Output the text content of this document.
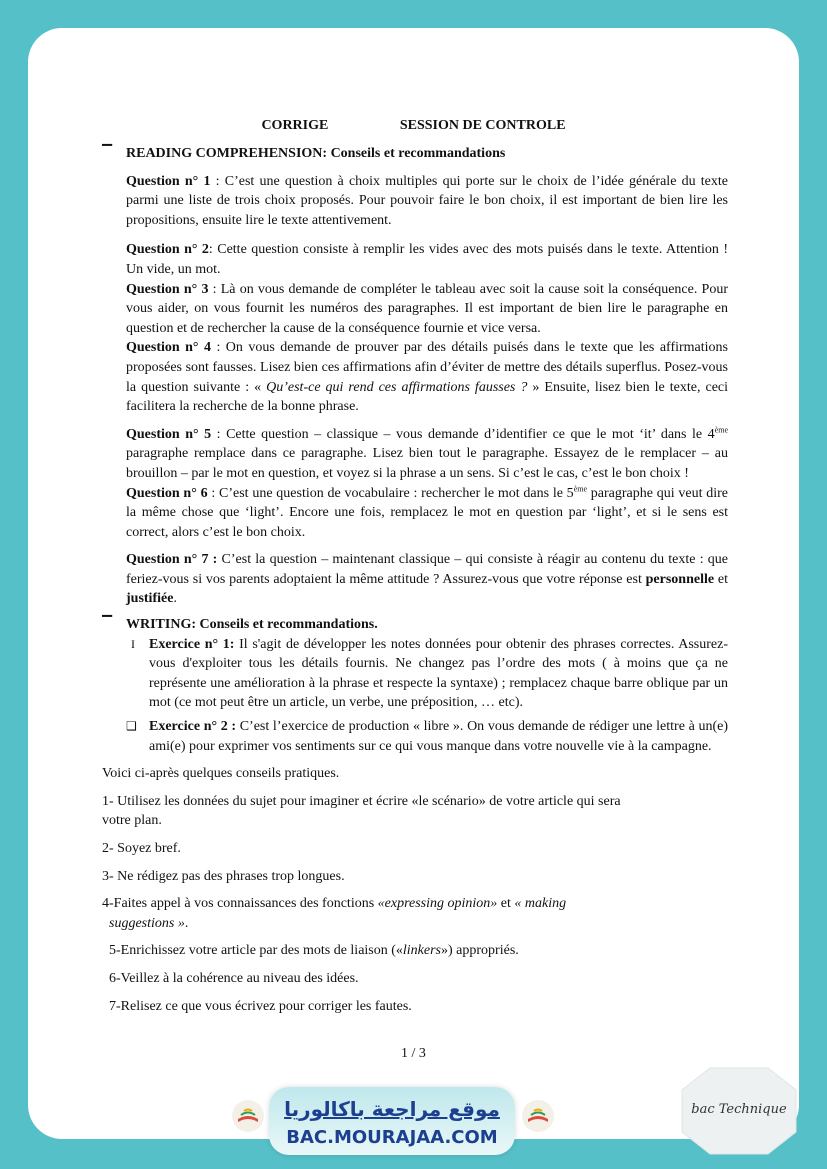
CORRIGE	SESSION DE CONTROLE

▔ READING COMPREHENSION: Conseils et recommandations

Question n° 1 : C’est une question à choix multiples qui porte sur le choix de l’idée générale du texte parmi une liste de trois choix proposés. Pour pouvoir faire le bon choix, il est important de bien lire les propositions, ensuite lire le texte attentivement.

Question n° 2: Cette question consiste à remplir les vides avec des mots puisés dans le texte. Attention ! Un vide, un mot.

Question n° 3 : Là on vous demande de compléter le tableau avec soit la cause soit la conséquence. Pour vous aider, on vous fournit les numéros des paragraphes. Il est important de bien lire le paragraphe en question et de rechercher la cause de la conséquence fournie et vice versa.

Question n° 4 : On vous demande de prouver par des détails puisés dans le texte que les affirmations proposées sont fausses. Lisez bien ces affirmations afin d’éviter de mettre des détails superflus. Posez-vous la question suivante : « Qu’est-ce qui rend ces affirmations fausses ? » Ensuite, lisez bien le texte, ceci facilitera la recherche de la bonne phrase.

Question n° 5 : Cette question – classique – vous demande d’identifier ce que le mot ‘it’ dans le 4ème paragraphe remplace dans ce paragraphe. Lisez bien tout le paragraphe. Essayez de le remplacer – au brouillon – par le mot en question, et voyez si la phrase a un sens. Si c’est le cas, c’est le bon choix !

Question n° 6 : C’est une question de vocabulaire : rechercher le mot dans le 5ème paragraphe qui veut dire la même chose que ‘light’. Encore une fois, remplacez le mot en question par ‘light’, et si le sens est correct, alors c’est le bon choix.

Question n° 7 : C’est la question – maintenant classique – qui consiste à réagir au contenu du texte : que feriez-vous si vos parents adoptaient la même attitude ? Assurez-vous que votre réponse est personnelle et justifiée.

▔ WRITING: Conseils et recommandations.

I Exercice n° 1: Il s'agit de développer les notes données pour obtenir des phrases correctes. Assurez-vous d'exploiter tous les détails fournis. Ne changez pas l’ordre des mots ( à moins que ça ne représente une amélioration à la phrase et respecte la syntaxe) ; remplacez chaque barre oblique par un mot (ce mot peut être un article, un verbe, une préposition, … etc).

❑ Exercice n° 2 : C’est l’exercice de production « libre ». On vous demande de rédiger une lettre à un(e) ami(e) pour exprimer vos sentiments sur ce qui vous manque dans votre nouvelle vie à la campagne.

Voici ci-après quelques conseils pratiques.

1- Utilisez les données du sujet pour imaginer et écrire «le scénario» de votre article qui sera

votre plan.

2- Soyez bref.

3- Ne rédigez pas des phrases trop longues.

4-Faites appel à vos connaissances des fonctions «expressing opinion» et « making

suggestions ».

5-Enrichissez votre article par des mots de liaison («linkers») appropriés.

6-Veillez à la cohérence au niveau des idées.

7-Relisez ce que vous écrivez pour corriger les fautes.

1 / 3
موقع مراجعة باكالوريا
BAC.MOURAJAA.COM
bac Technique
